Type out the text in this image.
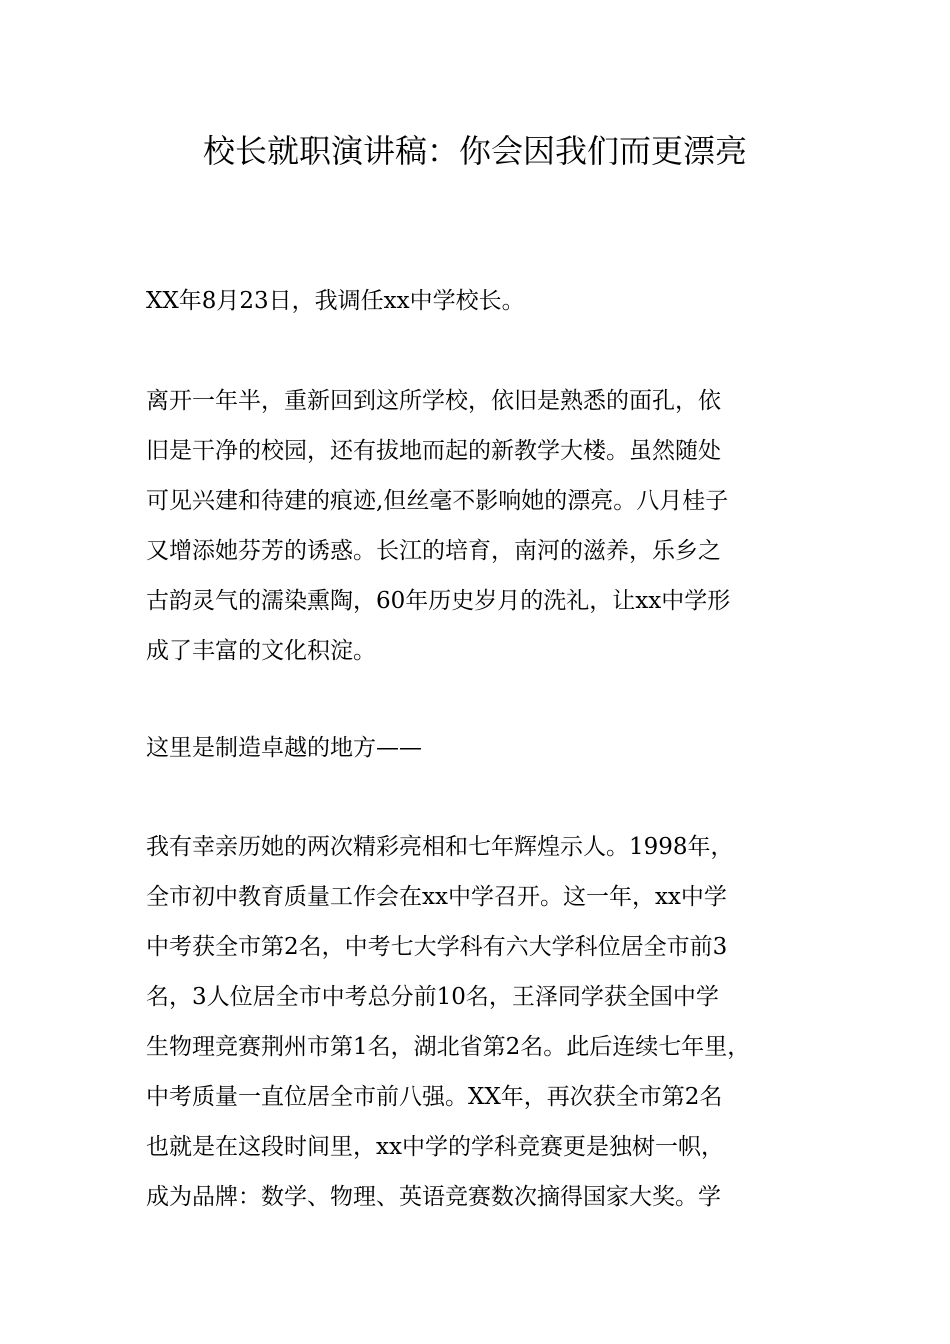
校长就职演讲稿：你会因我们而更漂亮
XX年8月23日，我调任xx中学校长。
离开一年半，重新回到这所学校，依旧是熟悉的面孔，依
旧是干净的校园，还有拔地而起的新教学大楼。虽然随处
可见兴建和待建的痕迹,但丝毫不影响她的漂亮。八月桂子
又增添她芬芳的诱惑。长江的培育，南河的滋养，乐乡之
古韵灵气的濡染熏陶，60年历史岁月的洗礼，让xx中学形
成了丰富的文化积淀。
这里是制造卓越的地方——
我有幸亲历她的两次精彩亮相和七年辉煌示人。1998年，
全市初中教育质量工作会在xx中学召开。这一年，xx中学
中考获全市第2名，中考七大学科有六大学科位居全市前3
名，3人位居全市中考总分前10名，王泽同学获全国中学
生物理竞赛荆州市第1名，湖北省第2名。此后连续七年里，
中考质量一直位居全市前八强。XX年，再次获全市第2名
也就是在这段时间里，xx中学的学科竞赛更是独树一帜，
成为品牌：数学、物理、英语竞赛数次摘得国家大奖。学
